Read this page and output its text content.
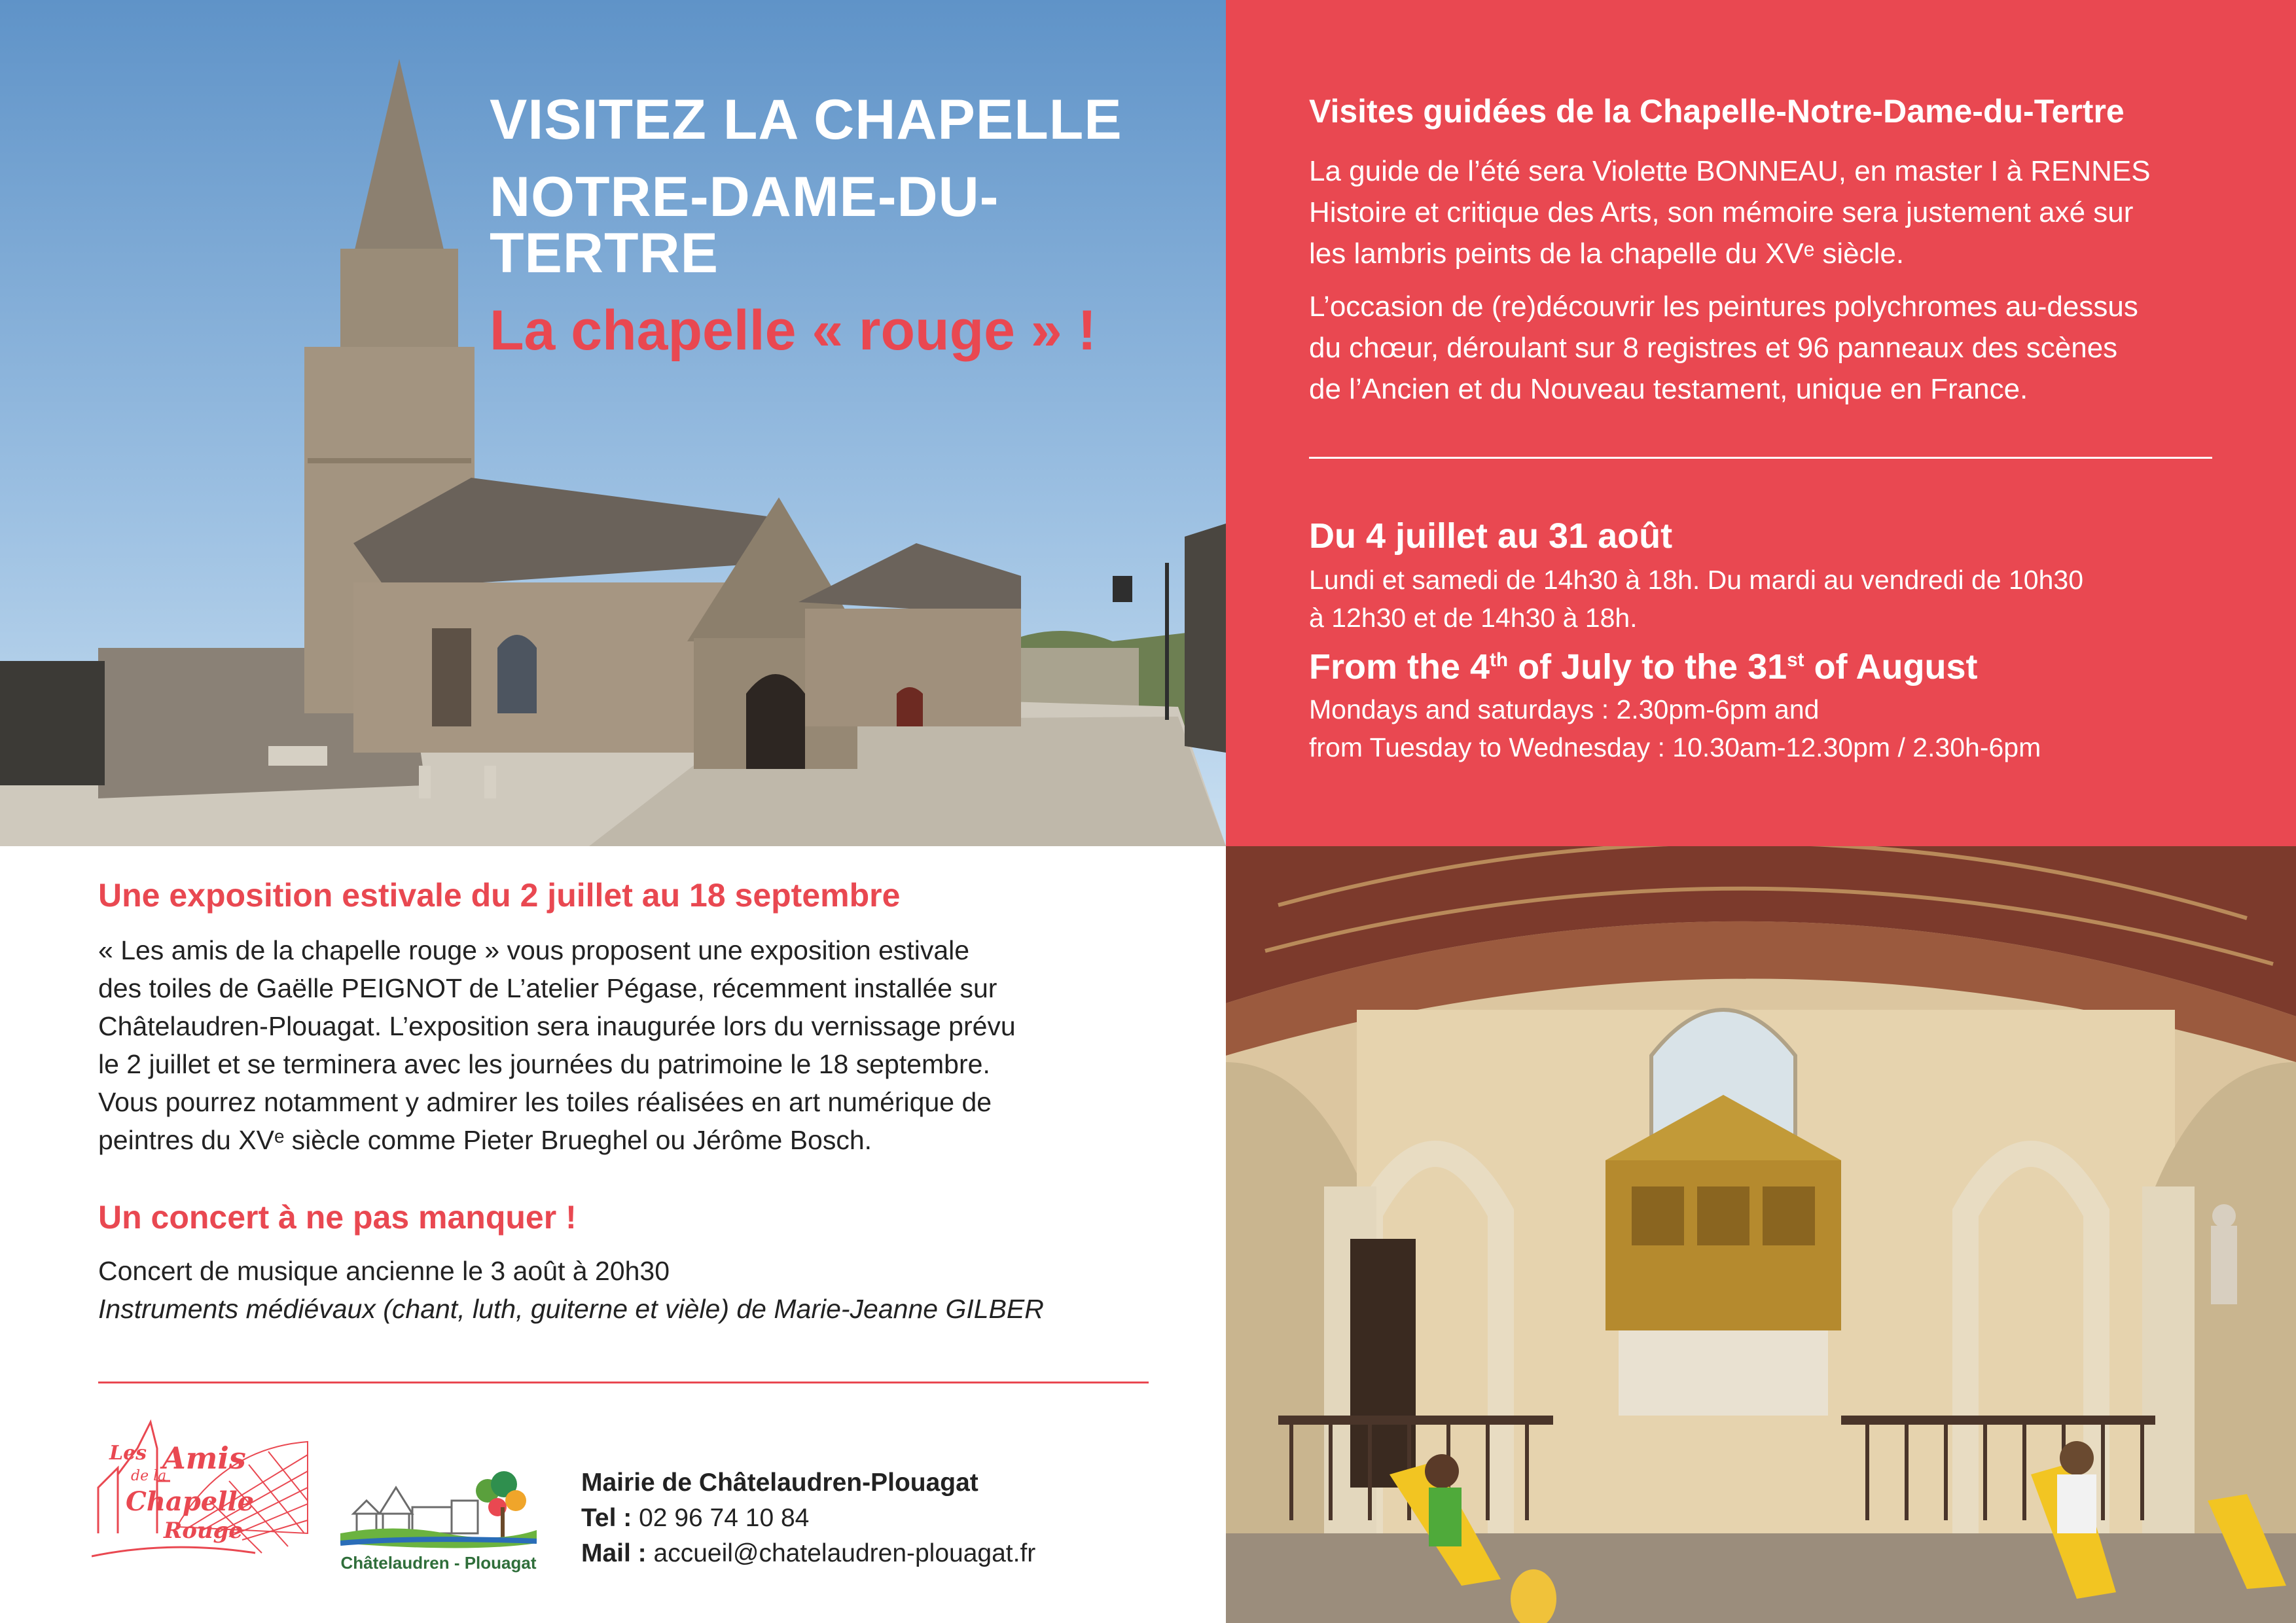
VISITEZ LA CHAPELLE
NOTRE-DAME-DU-TERTRE
La chapelle « rouge » !
Visites guidées de la Chapelle-Notre-Dame-du-Tertre
La guide de l’été sera Violette BONNEAU, en master I à RENNES
Histoire et critique des Arts, son mémoire sera justement axé sur
les lambris peints de la chapelle du XVᵉ siècle.
L’occasion de (re)découvrir les peintures polychromes au-dessus
du chœur, déroulant sur 8 registres et 96 panneaux des scènes
de l’Ancien et du Nouveau testament, unique en France.
Du 4 juillet au 31 août
Lundi et samedi de 14h30 à 18h. Du mardi au vendredi de 10h30
à 12h30 et de 14h30 à 18h.
From the 4th of July to the 31st of August
Mondays and saturdays : 2.30pm-6pm and
from Tuesday to Wednesday : 10.30am-12.30pm / 2.30h-6pm
Une exposition estivale du 2 juillet au 18 septembre
« Les amis de la chapelle rouge » vous proposent une exposition estivale
des toiles de Gaëlle PEIGNOT de L’atelier Pégase, récemment installée sur
Châtelaudren-Plouagat. L’exposition sera inaugurée lors du vernissage prévu
le 2 juillet et se terminera avec les journées du patrimoine le 18 septembre.
Vous pourrez notamment y admirer les toiles réalisées en art numérique de
peintres du XVᵉ siècle comme Pieter Brueghel ou Jérôme Bosch.
Un concert à ne pas manquer !
Concert de musique ancienne le 3 août à 20h30
Instruments médiévaux (chant, luth, guiterne et vièle) de Marie-Jeanne GILBER
Les Amis
de la
Chapelle
Rouge
Châtelaudren - Plouagat
Mairie de Châtelaudren-Plouagat
Tel : 02 96 74 10 84
Mail : accueil@chatelaudren-plouagat.fr
